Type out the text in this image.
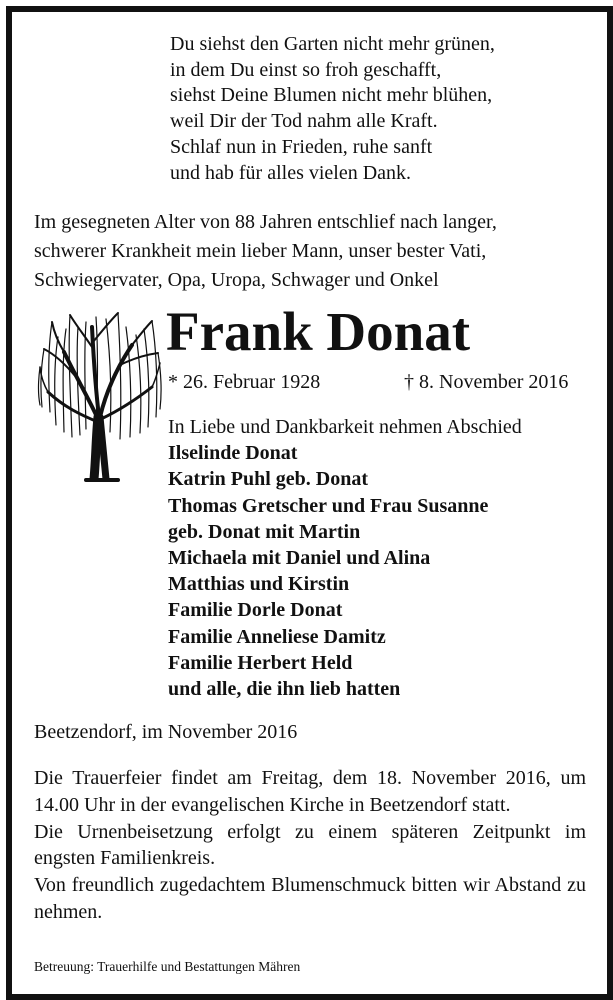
Du siehst den Garten nicht mehr grünen,
in dem Du einst so froh geschafft,
siehst Deine Blumen nicht mehr blühen,
weil Dir der Tod nahm alle Kraft.
Schlaf nun in Frieden, ruhe sanft
und hab für alles vielen Dank.
Im gesegneten Alter von 88 Jahren entschlief nach langer,
schwerer Krankheit mein lieber Mann, unser bester Vati,
Schwiegervater, Opa, Uropa, Schwager und Onkel
Frank Donat
* 26. Februar 1928	† 8. November 2016
In Liebe und Dankbarkeit nehmen Abschied
Ilselinde Donat
Katrin Puhl geb. Donat
Thomas Gretscher und Frau Susanne
geb. Donat mit Martin
Michaela mit Daniel und Alina
Matthias und Kirstin
Familie Dorle Donat
Familie Anneliese Damitz
Familie Herbert Held
und alle, die ihn lieb hatten
Beetzendorf, im November 2016

Die Trauerfeier findet am Freitag, dem 18. November 2016, um 14.00 Uhr in der evangelischen Kirche in Beetzendorf statt.

Die Urnenbeisetzung erfolgt zu einem späteren Zeitpunkt im engsten Familienkreis.

Von freundlich zugedachtem Blumenschmuck bitten wir Abstand zu nehmen.

Betreuung: Trauerhilfe und Bestattungen Mähren
